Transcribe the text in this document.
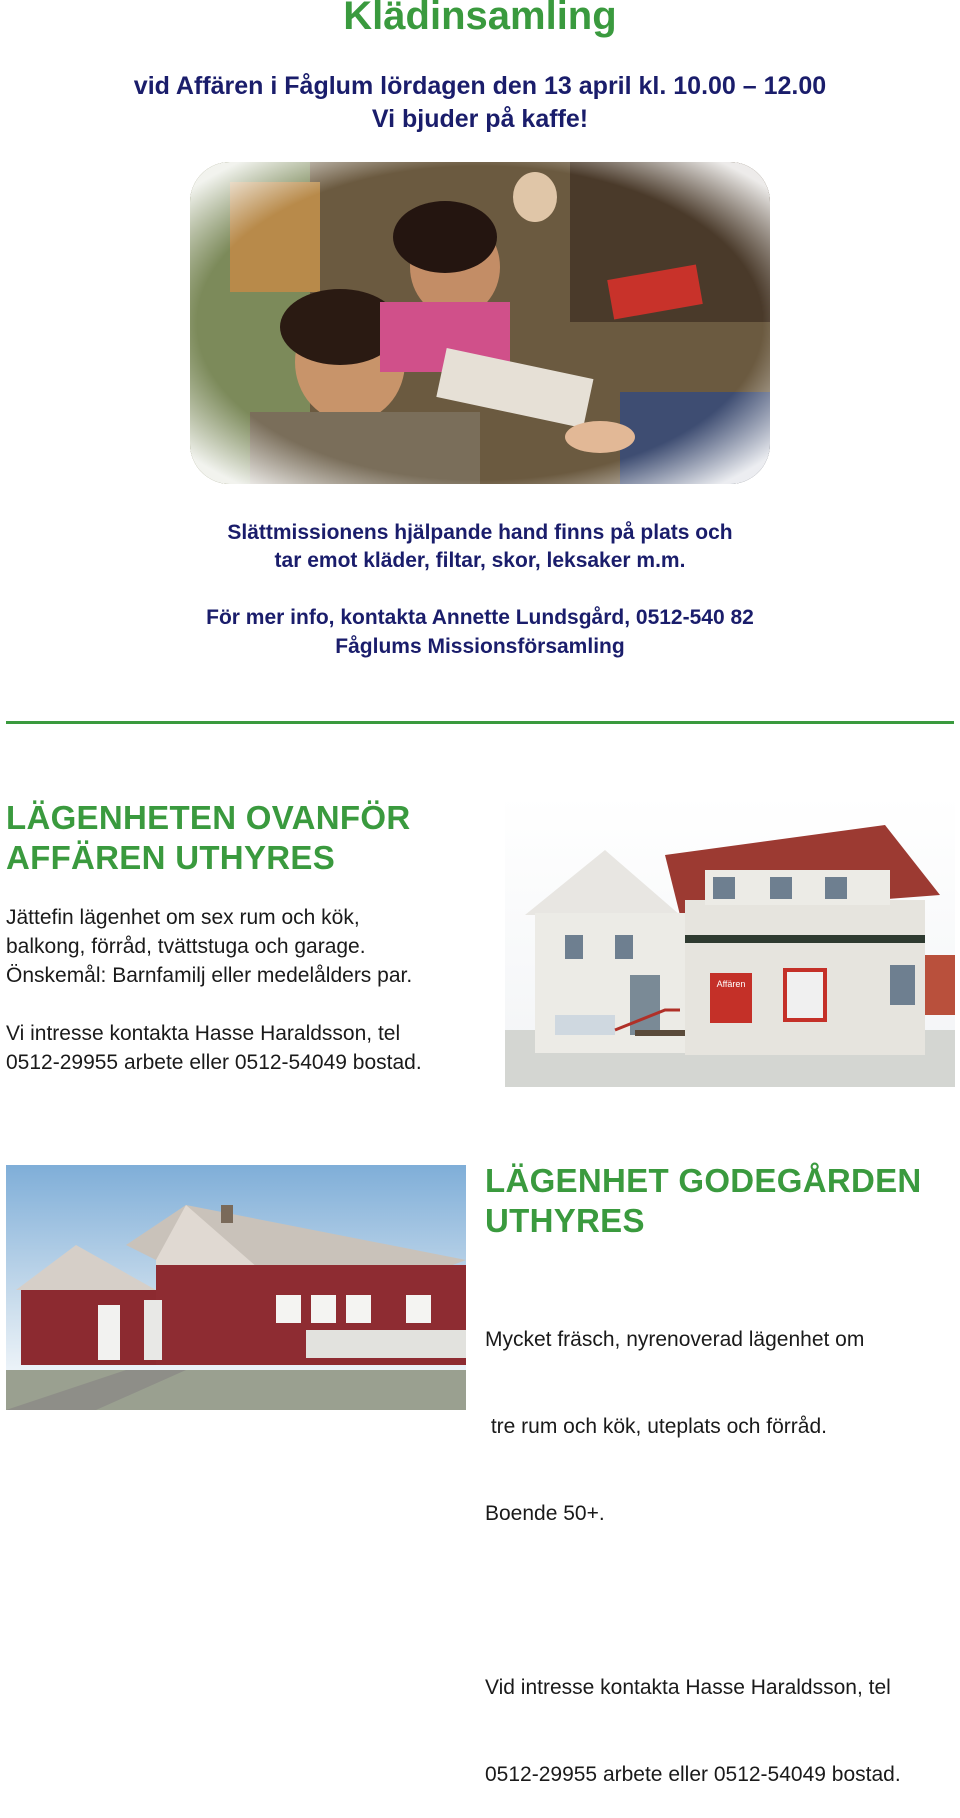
Klädinsamling
vid Affären i Fåglum lördagen den 13 april kl. 10.00 – 12.00
Vi bjuder på kaffe!
Slättmissionens hjälpande hand finns på plats och
tar emot kläder, filtar, skor, leksaker m.m.
För mer info, kontakta Annette Lundsgård, 0512-540 82
Fåglums Missionsförsamling
LÄGENHETEN OVANFÖR
AFFÄREN UTHYRES
Jättefin lägenhet om sex rum och kök,
balkong, förråd, tvättstuga och garage.
Önskemål: Barnfamilj eller medelålders par.
Vi intresse kontakta Hasse Haraldsson, tel
0512-29955 arbete eller 0512-54049 bostad.
Affären
LÄGENHET GODEGÅRDEN
UTHYRES

Mycket fräsch, nyrenoverad lägenhet om

tre rum och kök, uteplats och förråd.

Boende 50+.

Vid intresse kontakta Hasse Haraldsson, tel

0512-29955 arbete eller 0512-54049 bostad.
